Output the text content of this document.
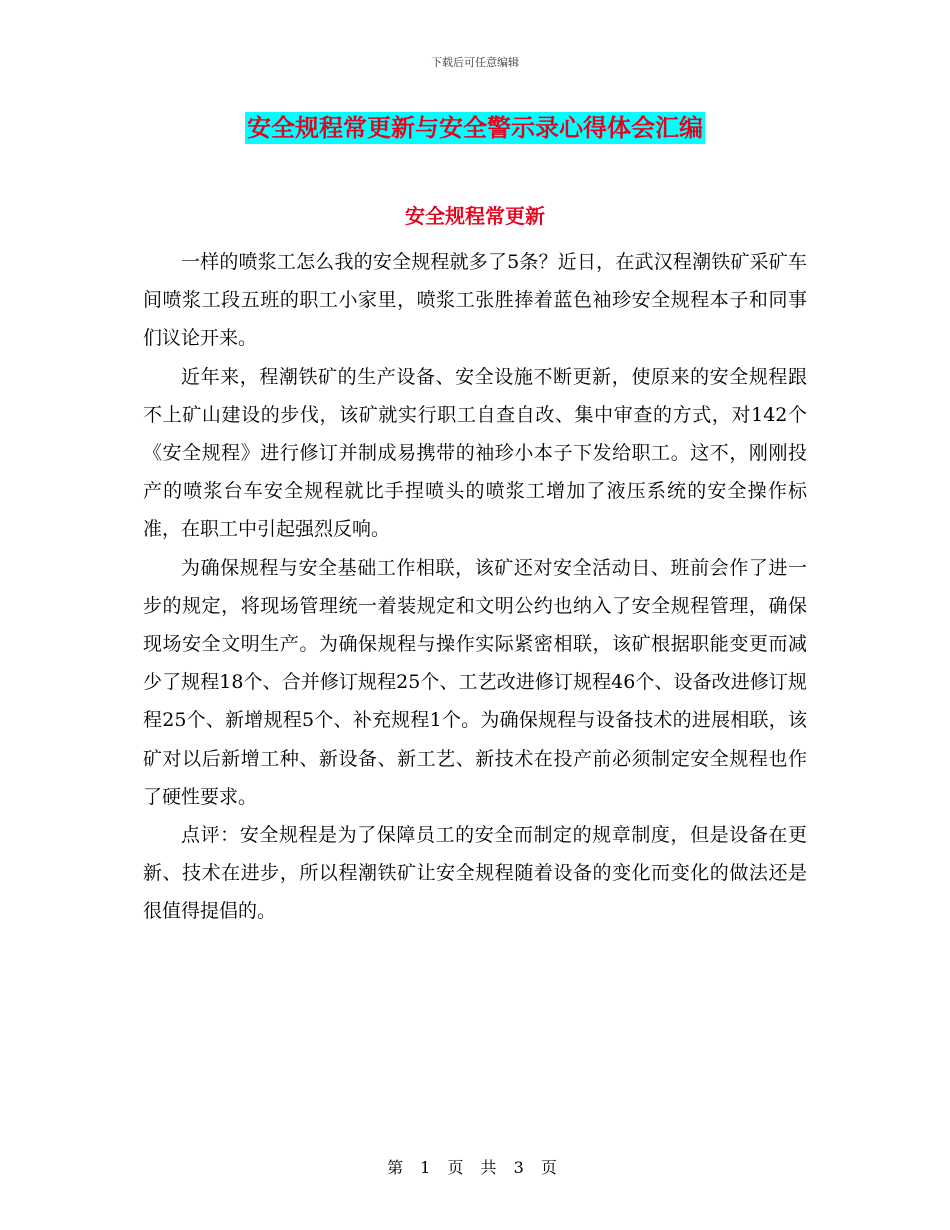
下载后可任意编辑
安全规程常更新与安全警示录心得体会汇编
安全规程常更新

一样的喷浆工怎么我的安全规程就多了5条？近日，在武汉程潮铁矿采矿车间喷浆工段五班的职工小家里，喷浆工张胜捧着蓝色袖珍安全规程本子和同事们议论开来。

近年来，程潮铁矿的生产设备、安全设施不断更新，使原来的安全规程跟不上矿山建设的步伐，该矿就实行职工自查自改、集中审查的方式，对142个《安全规程》进行修订并制成易携带的袖珍小本子下发给职工。这不，刚刚投产的喷浆台车安全规程就比手捏喷头的喷浆工增加了液压系统的安全操作标准，在职工中引起强烈反响。

为确保规程与安全基础工作相联，该矿还对安全活动日、班前会作了进一步的规定，将现场管理统一着装规定和文明公约也纳入了安全规程管理，确保现场安全文明生产。为确保规程与操作实际紧密相联，该矿根据职能变更而减少了规程18个、合并修订规程25个、工艺改进修订规程46个、设备改进修订规程25个、新增规程5个、补充规程1个。为确保规程与设备技术的进展相联，该矿对以后新增工种、新设备、新工艺、新技术在投产前必须制定安全规程也作了硬性要求。

点评：安全规程是为了保障员工的安全而制定的规章制度，但是设备在更新、技术在进步，所以程潮铁矿让安全规程随着设备的变化而变化的做法还是很值得提倡的。

第 1 页 共 3 页
